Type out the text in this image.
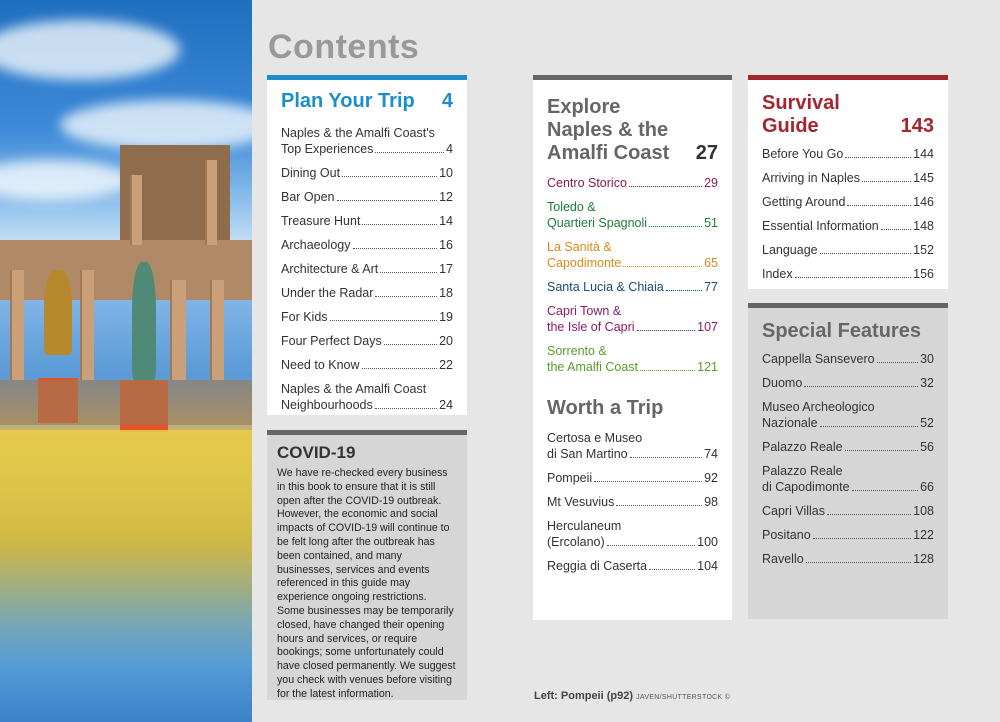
Contents
Plan Your Trip 4
Naples & the Amalfi Coast's
Top Experiences	4
Dining Out	10
Bar Open	12
Treasure Hunt	14
Archaeology	16
Architecture & Art	17
Under the Radar	18
For Kids	19
Four Perfect Days	20
Need to Know	22
Naples & the Amalfi Coast
Neighbourhoods	24
COVID-19
We have re-checked every business in this book to ensure that it is still open after the COVID-19 outbreak. However, the economic and social impacts of COVID-19 will continue to be felt long after the outbreak has been contained, and many businesses, services and events referenced in this guide may experience ongoing restrictions. Some businesses may be temporarily closed, have changed their opening hours and services, or require bookings; some unfortunately could have closed permanently. We suggest you check with venues before visiting for the latest information.
Explore
Naples & the
Amalfi Coast 27
Centro Storico	29
Toledo &
Quartieri Spagnoli	51
La Sanità &
Capodimonte	65
Santa Lucia & Chiaia	77
Capri Town &
the Isle of Capri	107
Sorrento &
the Amalfi Coast	121
Worth a Trip
Certosa e Museo
di San Martino	74
Pompeii	92
Mt Vesuvius	98
Herculaneum
(Ercolano)	100
Reggia di Caserta	104
Survival
Guide	143
Before You Go	144
Arriving in Naples	145
Getting Around	146
Essential Information	148
Language	152
Index	156
Special Features
Cappella Sansevero	30
Duomo	32
Museo Archeologico
Nazionale	52
Palazzo Reale	56
Palazzo Reale
di Capodimonte	66
Capri Villas	108
Positano	122
Ravello	128
Left: Pompeii (p92) JAVEN/SHUTTERSTOCK ©
